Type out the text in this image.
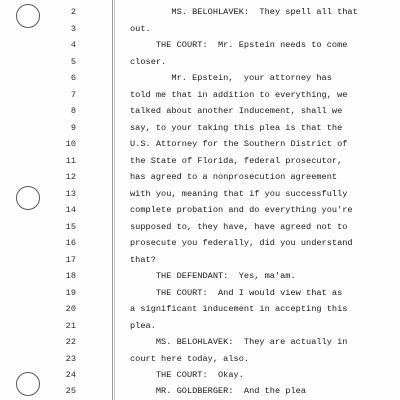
2	MS. BELOHLAVEK:  They spell all that
3	out.
4	THE COURT:  Mr. Epstein needs to come
5	closer.
6	Mr. Epstein,  your attorney has
7	told me that in addition to everything, we
8	talked about another Inducement, shall we
9	say, to your taking this plea is that the
10	U.S. Attorney for the Southern District of
11	the State of Florida, federal prosecutor,
12	has agreed to a nonprosecution agreement
13	with you, meaning that if you successfully
14	complete probation and do everything you're
15	supposed to, they have, have agreed not to
16	prosecute you federally, did you understand
17	that?
18	THE DEFENDANT:  Yes, ma'am.
19	THE COURT:  And I would view that as
20	a significant inducement in accepting this
21	plea.
22	MS. BELOHLAVEK:  They are actually in
23	court here today, also.
24	THE COURT:  Okay.
25	MR. GOLDBERGER:  And the plea
